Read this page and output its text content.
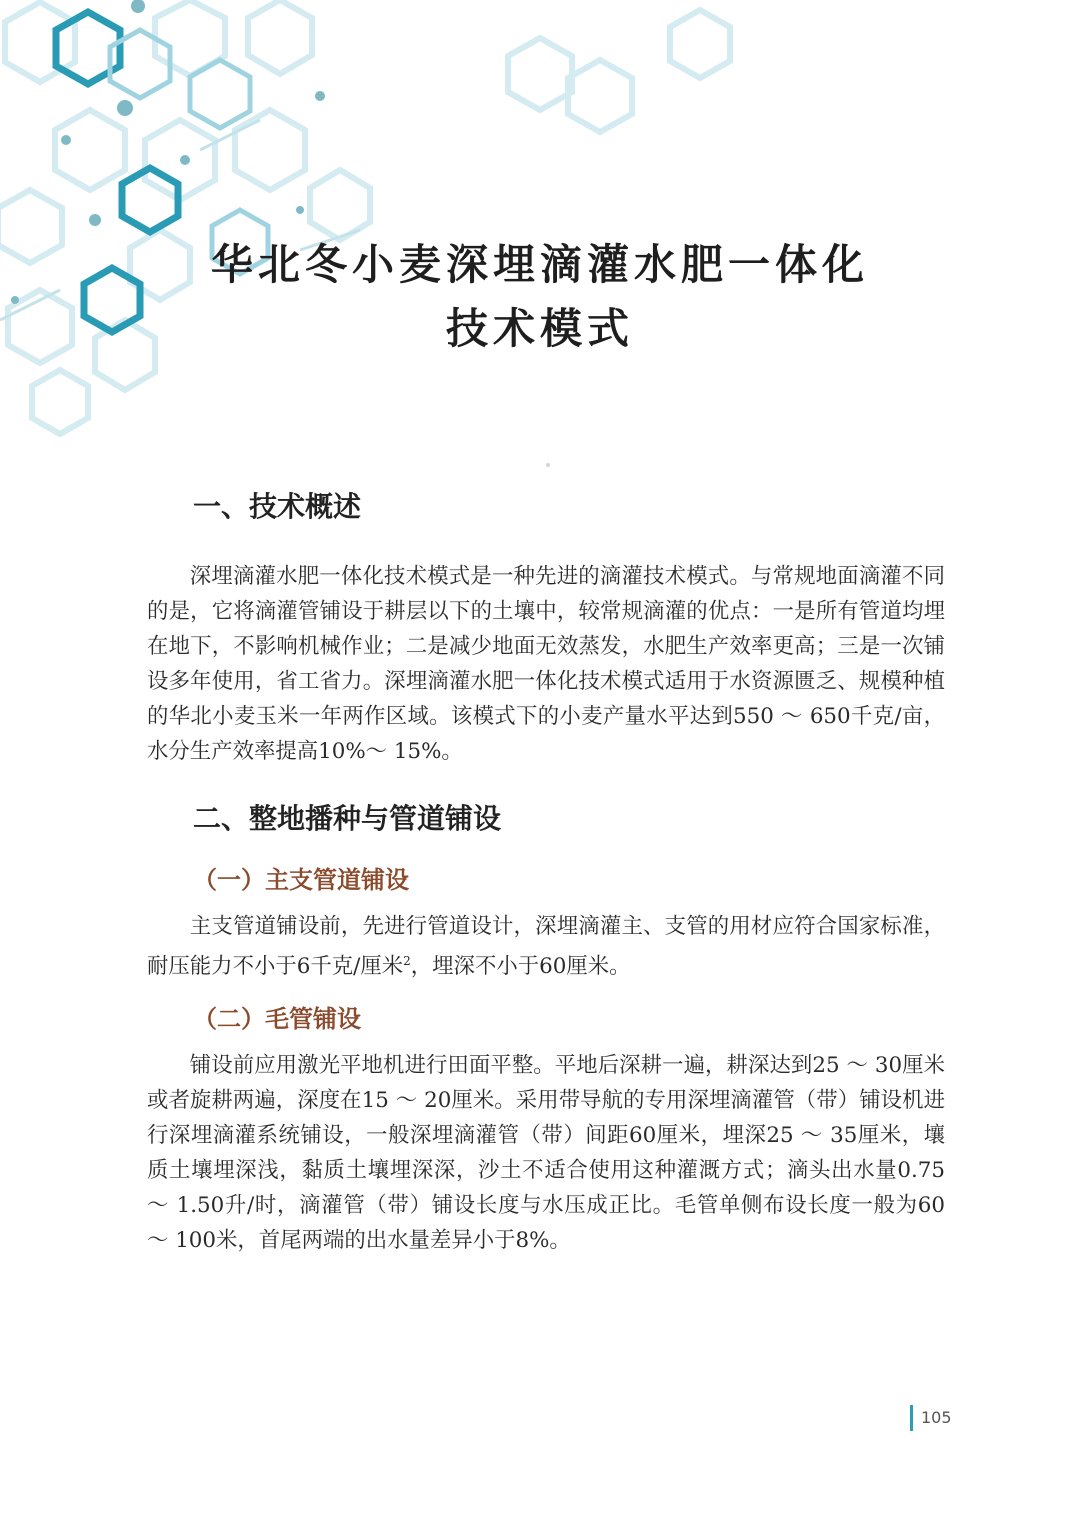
华北冬小麦深埋滴灌水肥一体化
技术模式
一、技术概述

深埋滴灌水肥一体化技术模式是一种先进的滴灌技术模式。与常规地面滴灌不同的是，它将滴灌管铺设于耕层以下的土壤中，较常规滴灌的优点：一是所有管道均埋在地下，不影响机械作业；二是减少地面无效蒸发，水肥生产效率更高；三是一次铺设多年使用，省工省力。深埋滴灌水肥一体化技术模式适用于水资源匮乏、规模种植的华北小麦玉米一年两作区域。该模式下的小麦产量水平达到550 ～ 650千克/亩，水分生产效率提高10%～ 15%。

二、整地播种与管道铺设
（一）主支管道铺设

主支管道铺设前，先进行管道设计，深埋滴灌主、支管的用材应符合国家标准，耐压能力不小于6千克/厘米$^2$，埋深不小于60厘米。

（二）毛管铺设

铺设前应用激光平地机进行田面平整。平地后深耕一遍，耕深达到25 ～ 30厘米或者旋耕两遍，深度在15 ～ 20厘米。采用带导航的专用深埋滴灌管（带）铺设机进行深埋滴灌系统铺设，一般深埋滴灌管（带）间距60厘米，埋深25 ～ 35厘米，壤质土壤埋深浅，黏质土壤埋深深，沙土不适合使用这种灌溉方式；滴头出水量0.75 ～ 1.50升/时，滴灌管（带）铺设长度与水压成正比。毛管单侧布设长度一般为60 ～ 100米，首尾两端的出水量差异小于8%。

105
